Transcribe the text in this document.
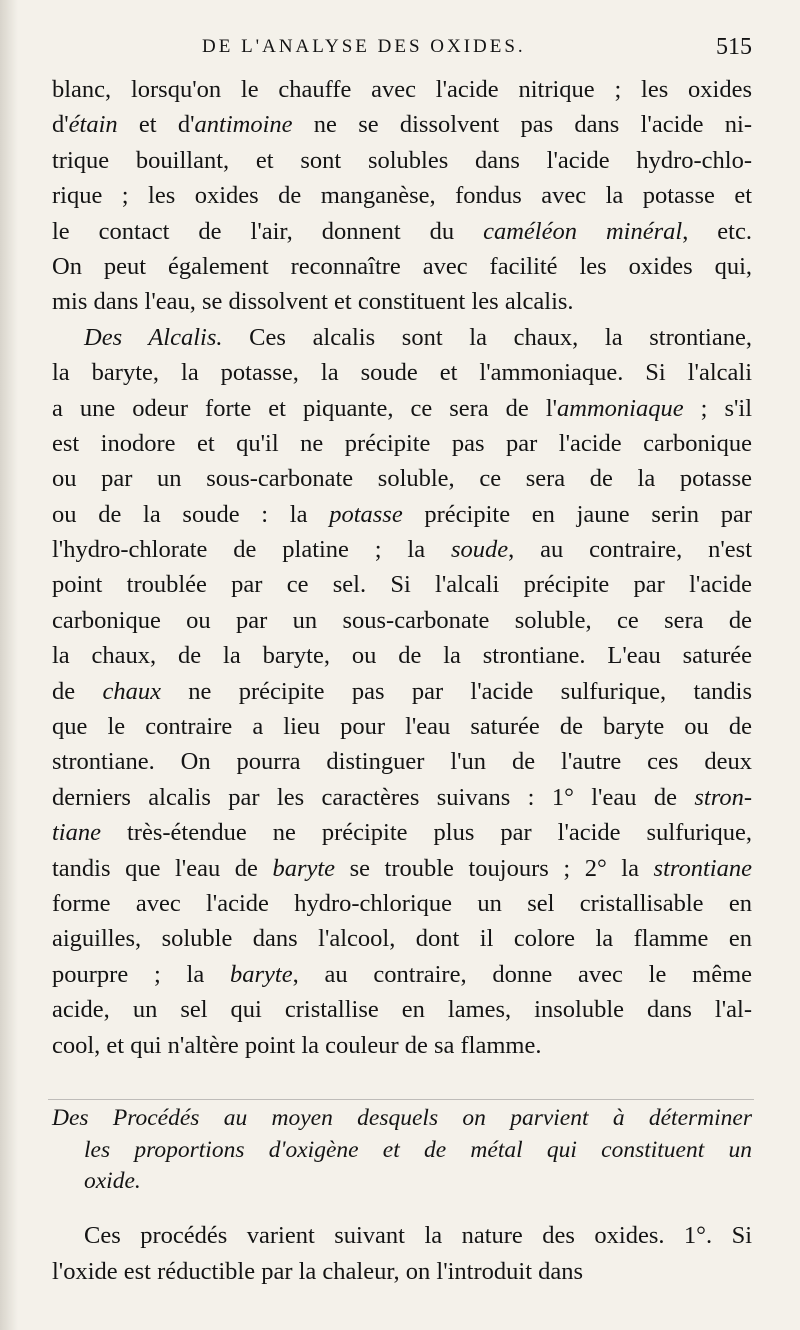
DE L'ANALYSE DES OXIDES.	515
blanc, lorsqu'on le chauffe avec l'acide nitrique ; les oxides
d'étain et d'antimoine ne se dissolvent pas dans l'acide ni-
trique bouillant, et sont solubles dans l'acide hydro-chlo-
rique ; les oxides de manganèse, fondus avec la potasse et
le contact de l'air, donnent du caméléon minéral, etc.
On peut également reconnaître avec facilité les oxides qui,
mis dans l'eau, se dissolvent et constituent les alcalis.
Des Alcalis. Ces alcalis sont la chaux, la strontiane,
la baryte, la potasse, la soude et l'ammoniaque. Si l'alcali
a une odeur forte et piquante, ce sera de l'ammoniaque ; s'il
est inodore et qu'il ne précipite pas par l'acide carbonique
ou par un sous-carbonate soluble, ce sera de la potasse
ou de la soude : la potasse précipite en jaune serin par
l'hydro-chlorate de platine ; la soude, au contraire, n'est
point troublée par ce sel. Si l'alcali précipite par l'acide
carbonique ou par un sous-carbonate soluble, ce sera de
la chaux, de la baryte, ou de la strontiane. L'eau saturée
de chaux ne précipite pas par l'acide sulfurique, tandis
que le contraire a lieu pour l'eau saturée de baryte ou de
strontiane. On pourra distinguer l'un de l'autre ces deux
derniers alcalis par les caractères suivans : 1° l'eau de stron-
tiane très-étendue ne précipite plus par l'acide sulfurique,
tandis que l'eau de baryte se trouble toujours ; 2° la strontiane
forme avec l'acide hydro-chlorique un sel cristallisable en
aiguilles, soluble dans l'alcool, dont il colore la flamme en
pourpre ; la baryte, au contraire, donne avec le même
acide, un sel qui cristallise en lames, insoluble dans l'al-
cool, et qui n'altère point la couleur de sa flamme.
Des Procédés au moyen desquels on parvient à déterminer
les proportions d'oxigène et de métal qui constituent un
oxide.
Ces procédés varient suivant la nature des oxides. 1°. Si
l'oxide est réductible par la chaleur, on l'introduit dans
